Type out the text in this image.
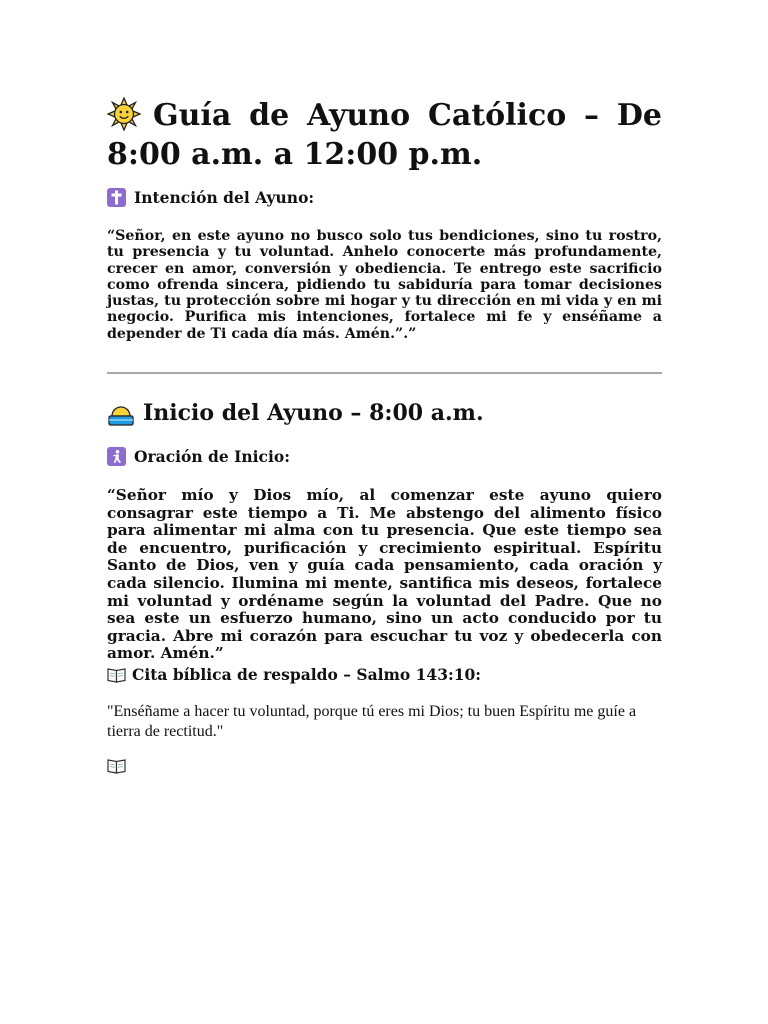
Guía de Ayuno Católico – De 8:00 a.m. a 12:00 p.m.
Intención del Ayuno:

“Señor, en este ayuno no busco solo tus bendiciones, sino tu rostro, tu presencia y tu voluntad. Anhelo conocerte más profundamente, crecer en amor, conversión y obediencia. Te entrego este sacrificio como ofrenda sincera, pidiendo tu sabiduría para tomar decisiones justas, tu protección sobre mi hogar y tu dirección en mi vida y en mi negocio. Purifica mis intenciones, fortalece mi fe y enséñame a depender de Ti cada día más. Amén.”.”

Inicio del Ayuno – 8:00 a.m.
Oración de Inicio:

“Señor mío y Dios mío, al comenzar este ayuno quiero consagrar este tiempo a Ti. Me abstengo del alimento físico para alimentar mi alma con tu presencia. Que este tiempo sea de encuentro, purificación y crecimiento espiritual. Espíritu Santo de Dios, ven y guía cada pensamiento, cada oración y cada silencio. Ilumina mi mente, santifica mis deseos, fortalece mi voluntad y ordéname según la voluntad del Padre. Que no sea este un esfuerzo humano, sino un acto conducido por tu gracia. Abre mi corazón para escuchar tu voz y obedecerla con amor. Amén.”

Cita bíblica de respaldo – Salmo 143:10:

"Enséñame a hacer tu voluntad, porque tú eres mi Dios; tu buen Espíritu me guíe a tierra de rectitud."
